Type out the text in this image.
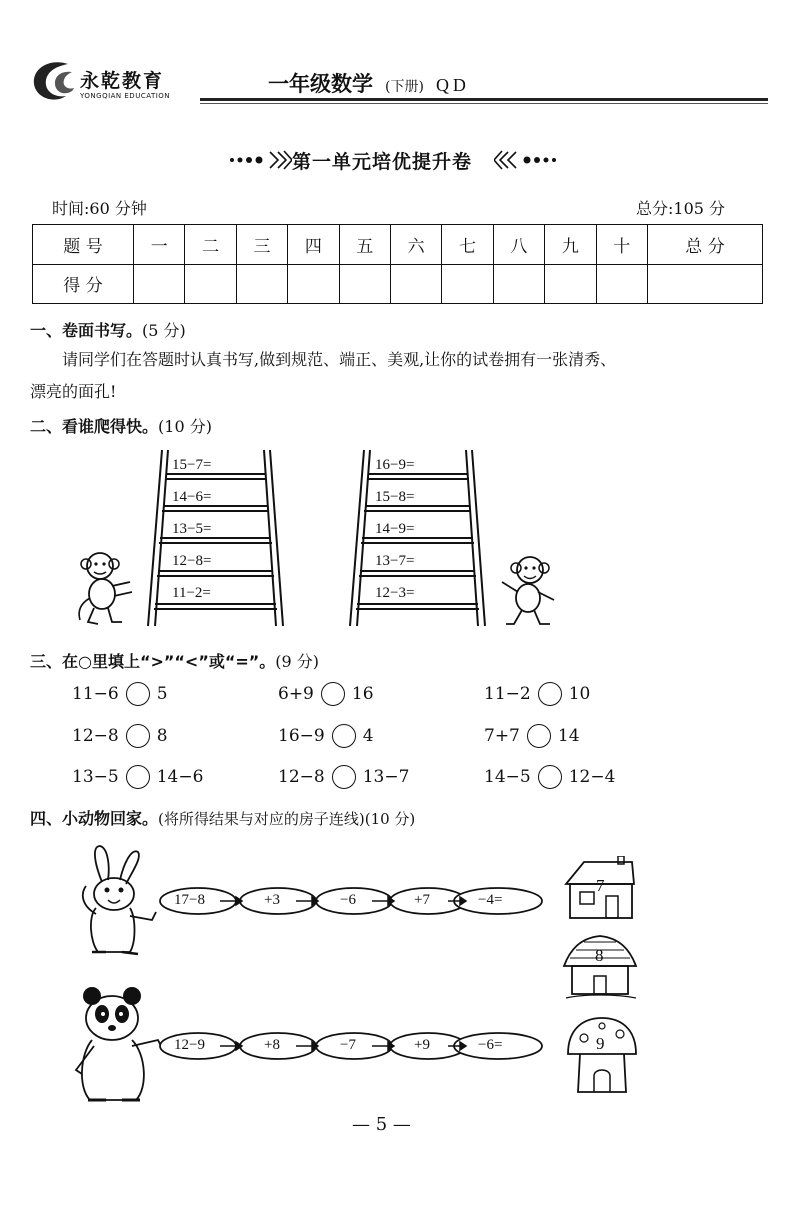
永乾教育
YONGQIAN EDUCATION	一年级数学 (下册) QD
第一单元培优提升卷
时间:60 分钟	总分:105 分
题 号	一	二	三	四	五	六	七	八	九	十	总 分
得 分											
一、卷面书写。(5 分)
请同学们在答题时认真书写,做到规范、端正、美观,让你的试卷拥有一张清秀、
漂亮的面孔!
二、看谁爬得快。(10 分)
15−7=
14−6=
13−5=
12−8=
11−2=
16−9=
15−8=
14−9=
13−7=
12−3=
三、在○里填上“>”“<”或“=”。(9 分)
11−6 5	6+9 16	11−2 10
12−8 8	16−9 4	7+7 14
13−5 14−6	12−8 13−7	14−5 12−4
四、小动物回家。(将所得结果与对应的房子连线)(10 分)
17−8	+3	−6	+7	−4=
12−9	+8	−7	+9	−6=
7
8
9
— 5 —
